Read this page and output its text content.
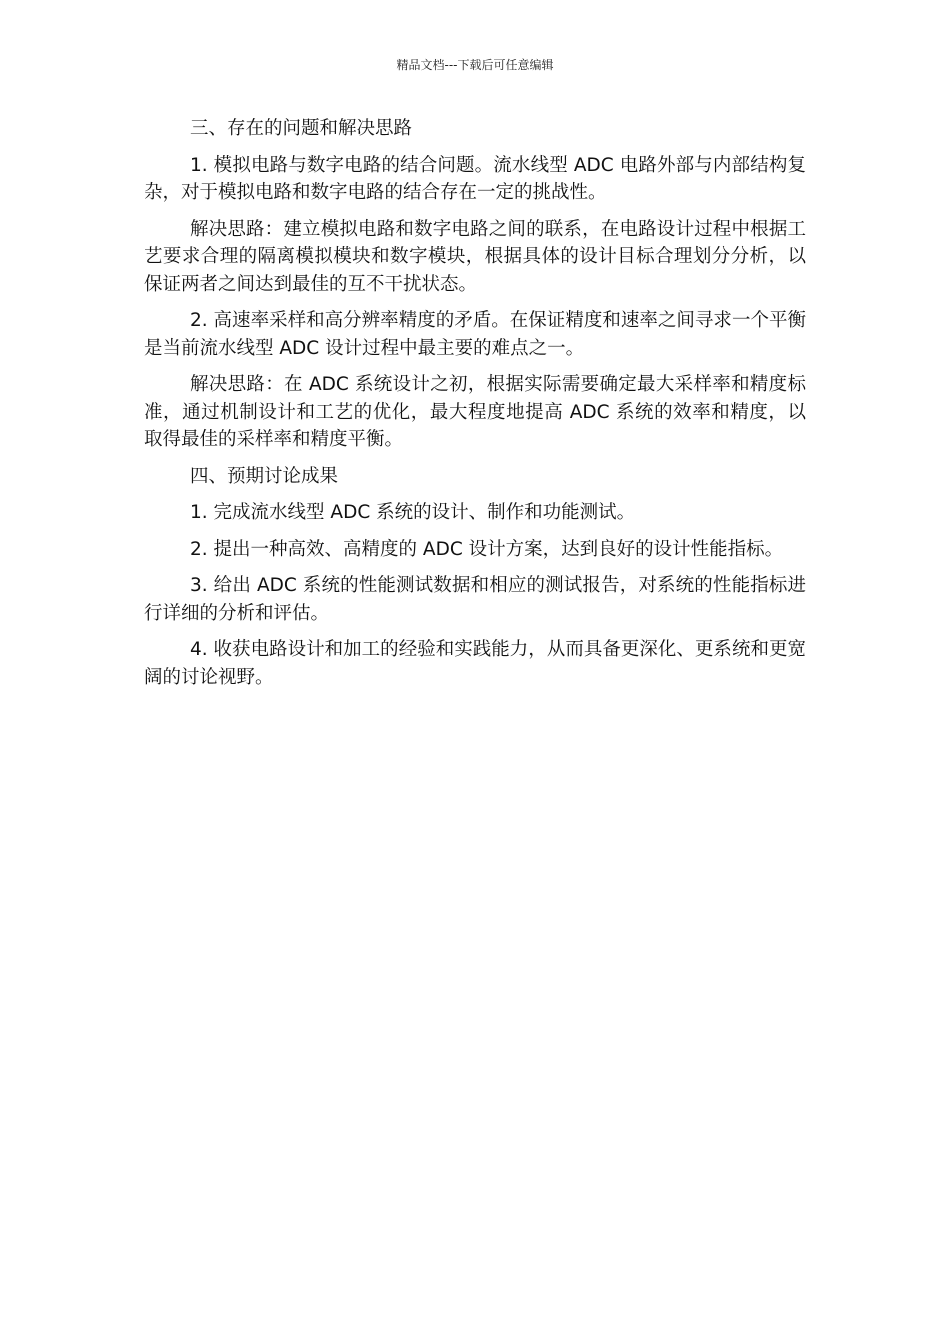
精品文档---下载后可任意编辑

三、存在的问题和解决思路

1. 模拟电路与数字电路的结合问题。流水线型 ADC 电路外部与内部结构复杂，对于模拟电路和数字电路的结合存在一定的挑战性。

解决思路：建立模拟电路和数字电路之间的联系，在电路设计过程中根据工艺要求合理的隔离模拟模块和数字模块，根据具体的设计目标合理划分分析，以保证两者之间达到最佳的互不干扰状态。

2. 高速率采样和高分辨率精度的矛盾。在保证精度和速率之间寻求一个平衡是当前流水线型 ADC 设计过程中最主要的难点之一。

解决思路：在 ADC 系统设计之初，根据实际需要确定最大采样率和精度标准，通过机制设计和工艺的优化，最大程度地提高 ADC 系统的效率和精度，以取得最佳的采样率和精度平衡。

四、预期讨论成果

1. 完成流水线型 ADC 系统的设计、制作和功能测试。

2. 提出一种高效、高精度的 ADC 设计方案，达到良好的设计性能指标。

3. 给出 ADC 系统的性能测试数据和相应的测试报告，对系统的性能指标进行详细的分析和评估。

4. 收获电路设计和加工的经验和实践能力，从而具备更深化、更系统和更宽阔的讨论视野。
